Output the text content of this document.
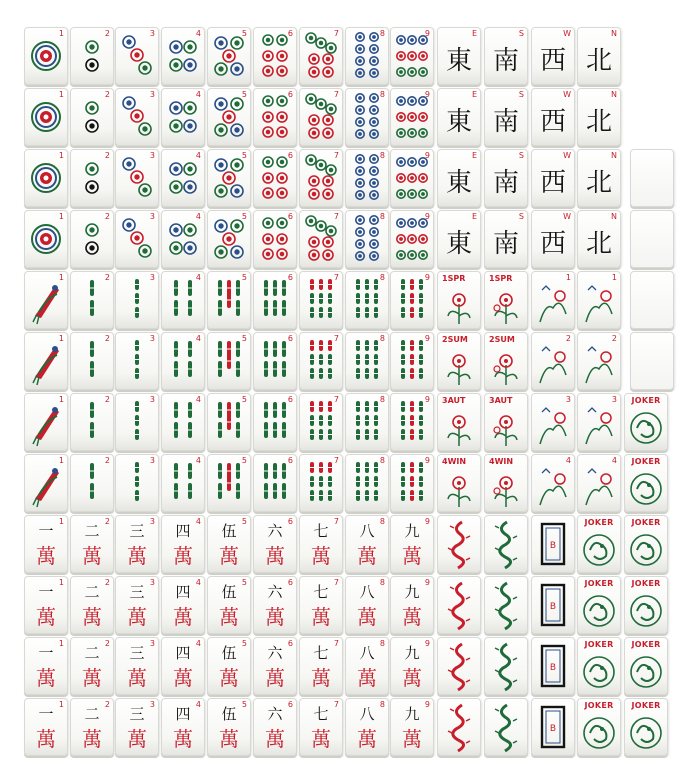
1	2	3	4	5	6	7	8	9
東
E
南
S
西
W
北
N
1	2	3	4	5	6	7	8	9
東
E
南
S
西
W
北
N
1	2	3	4	5	6	7	8	9
東
E
南
S
西
W
北
N
1	2	3	4	5	6	7	8	9
東
E
南
S
西
W
北
N
1	2	3	4	5	6	7	8	9 1SPR	1SPR	1	1
1	2	3	4	5	6	7	8	9 2SUM	2SUM	2	2
1	2	3	4	5	6	7	8	9 3AUT	3AUT	3	3	JOKER
1	2	3	4	5	6	7	8	9 4WIN	4WIN	4	4	JOKER
一
萬
1
二
萬
2
三
萬
3
四
萬
4
伍
萬
5
六
萬
6
七
萬
7
八
萬
8
九
萬
9
B
JOKER	JOKER
一
萬
1
二
萬
2
三
萬
3
四
萬
4
伍
萬
5
六
萬
6
七
萬
7
八
萬
8
九
萬
9
B
JOKER	JOKER
一
萬
1
二
萬
2
三
萬
3
四
萬
4
伍
萬
5
六
萬
6
七
萬
7
八
萬
8
九
萬
9
B
JOKER	JOKER
一
萬
1
二
萬
2
三
萬
3
四
萬
4
伍
萬
5
六
萬
6
七
萬
7
八
萬
8
九
萬
9
B
JOKER	JOKER
